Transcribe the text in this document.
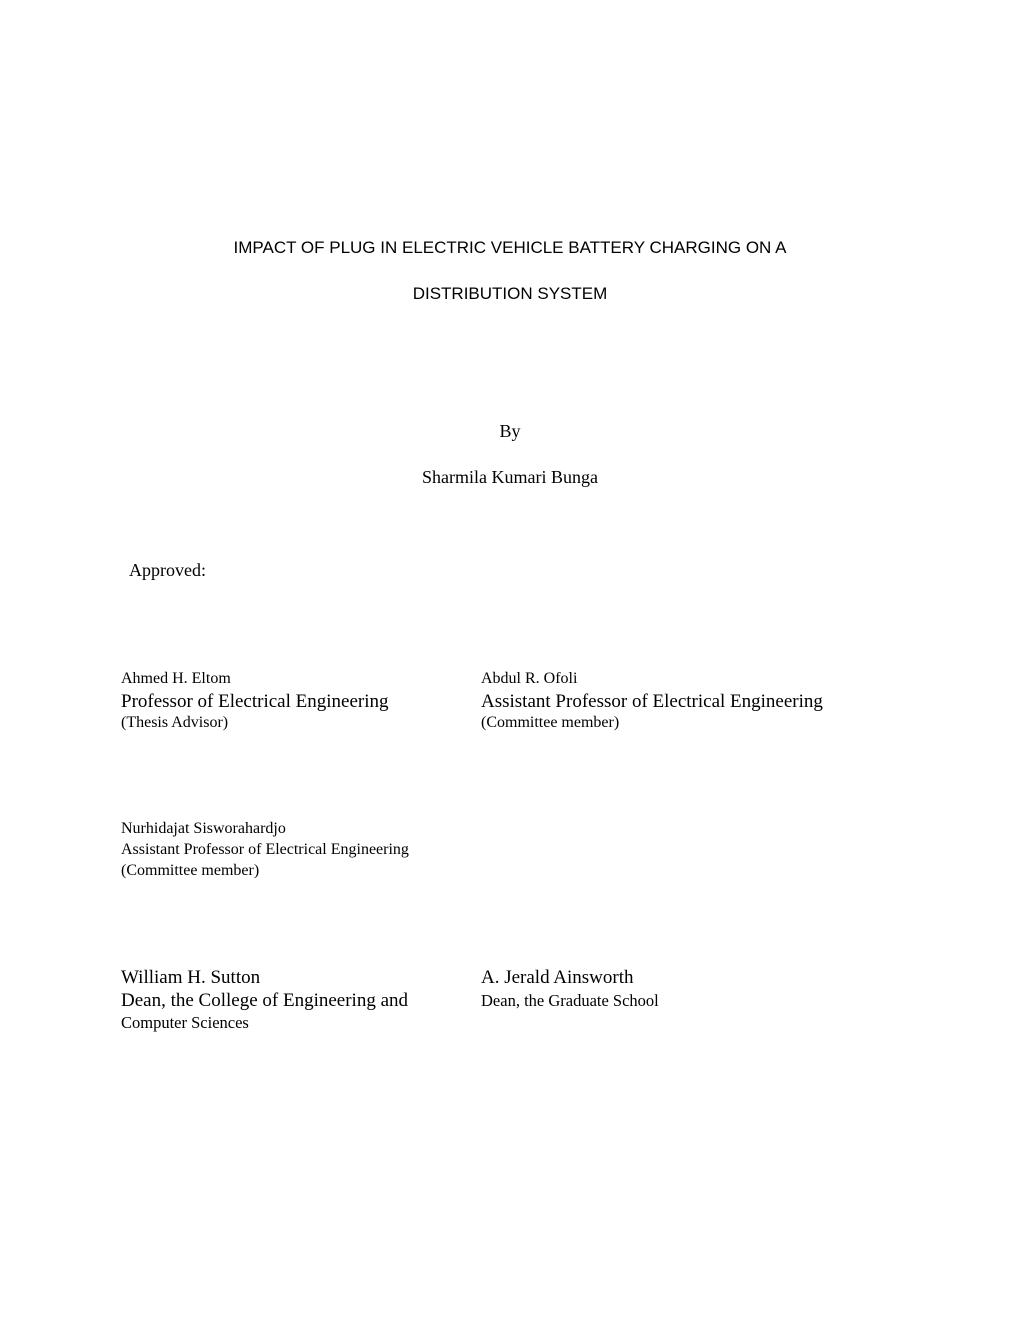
IMPACT OF PLUG IN ELECTRIC VEHICLE BATTERY CHARGING ON A
DISTRIBUTION SYSTEM
By
Sharmila Kumari Bunga
Approved:
Ahmed H. Eltom
Professor of Electrical Engineering
(Thesis Advisor)
Abdul R. Ofoli
Assistant Professor of Electrical Engineering
(Committee member)
Nurhidajat Sisworahardjo
Assistant Professor of Electrical Engineering
(Committee member)
William H. Sutton
Dean, the College of Engineering and
Computer Sciences
A. Jerald Ainsworth
Dean, the Graduate School
